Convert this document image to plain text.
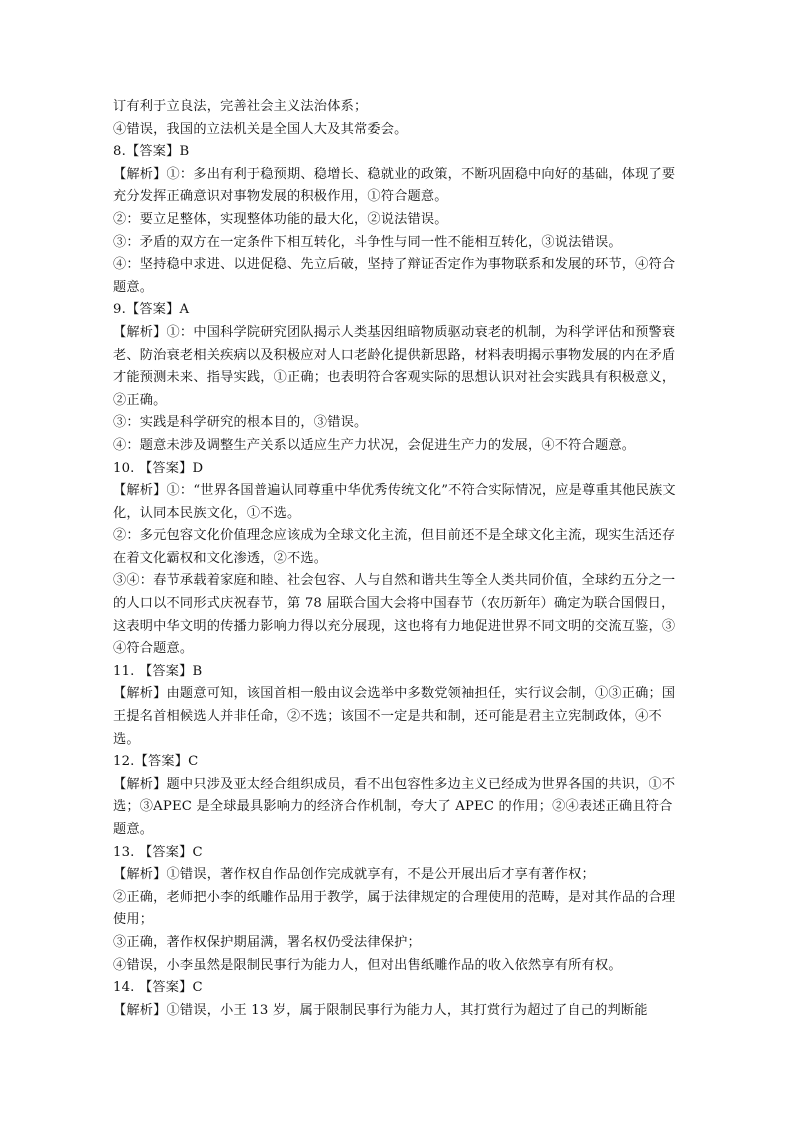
订有利于立良法，完善社会主义法治体系；
④错误，我国的立法机关是全国人大及其常委会。
8.【答案】B
【解析】①：多出有利于稳预期、稳增长、稳就业的政策，不断巩固稳中向好的基础，体现了要充分发挥正确意识对事物发展的积极作用，①符合题意。
②：要立足整体，实现整体功能的最大化，②说法错误。
③：矛盾的双方在一定条件下相互转化，斗争性与同一性不能相互转化，③说法错误。
④：坚持稳中求进、以进促稳、先立后破，坚持了辩证否定作为事物联系和发展的环节，④符合题意。
9.【答案】A
【解析】①：中国科学院研究团队揭示人类基因组暗物质驱动衰老的机制，为科学评估和预警衰老、防治衰老相关疾病以及积极应对人口老龄化提供新思路，材料表明揭示事物发展的内在矛盾才能预测未来、指导实践，①正确；也表明符合客观实际的思想认识对社会实践具有积极意义，②正确。
③：实践是科学研究的根本目的，③错误。
④：题意未涉及调整生产关系以适应生产力状况，会促进生产力的发展，④不符合题意。
10. 【答案】D
【解析】①：“世界各国普遍认同尊重中华优秀传统文化”不符合实际情况，应是尊重其他民族文化，认同本民族文化，①不选。
②：多元包容文化价值理念应该成为全球文化主流，但目前还不是全球文化主流，现实生活还存在着文化霸权和文化渗透，②不选。
③④：春节承载着家庭和睦、社会包容、人与自然和谐共生等全人类共同价值，全球约五分之一的人口以不同形式庆祝春节，第 78 届联合国大会将中国春节（农历新年）确定为联合国假日，这表明中华文明的传播力影响力得以充分展现，这也将有力地促进世界不同文明的交流互鉴，③④符合题意。
11. 【答案】B
【解析】由题意可知，该国首相一般由议会选举中多数党领袖担任，实行议会制，①③正确；国王提名首相候选人并非任命，②不选；该国不一定是共和制，还可能是君主立宪制政体，④不选。
12.【答案】C
【解析】题中只涉及亚太经合组织成员，看不出包容性多边主义已经成为世界各国的共识，①不选；③APEC 是全球最具影响力的经济合作机制，夸大了 APEC 的作用；②④表述正确且符合题意。
13. 【答案】C
【解析】①错误，著作权自作品创作完成就享有，不是公开展出后才享有著作权；
②正确，老师把小李的纸雕作品用于教学，属于法律规定的合理使用的范畴，是对其作品的合理使用；
③正确，著作权保护期届满，署名权仍受法律保护；
④错误，小李虽然是限制民事行为能力人，但对出售纸雕作品的收入依然享有所有权。
14. 【答案】C
【解析】①错误，小王 13 岁，属于限制民事行为能力人，其打赏行为超过了自己的判断能
